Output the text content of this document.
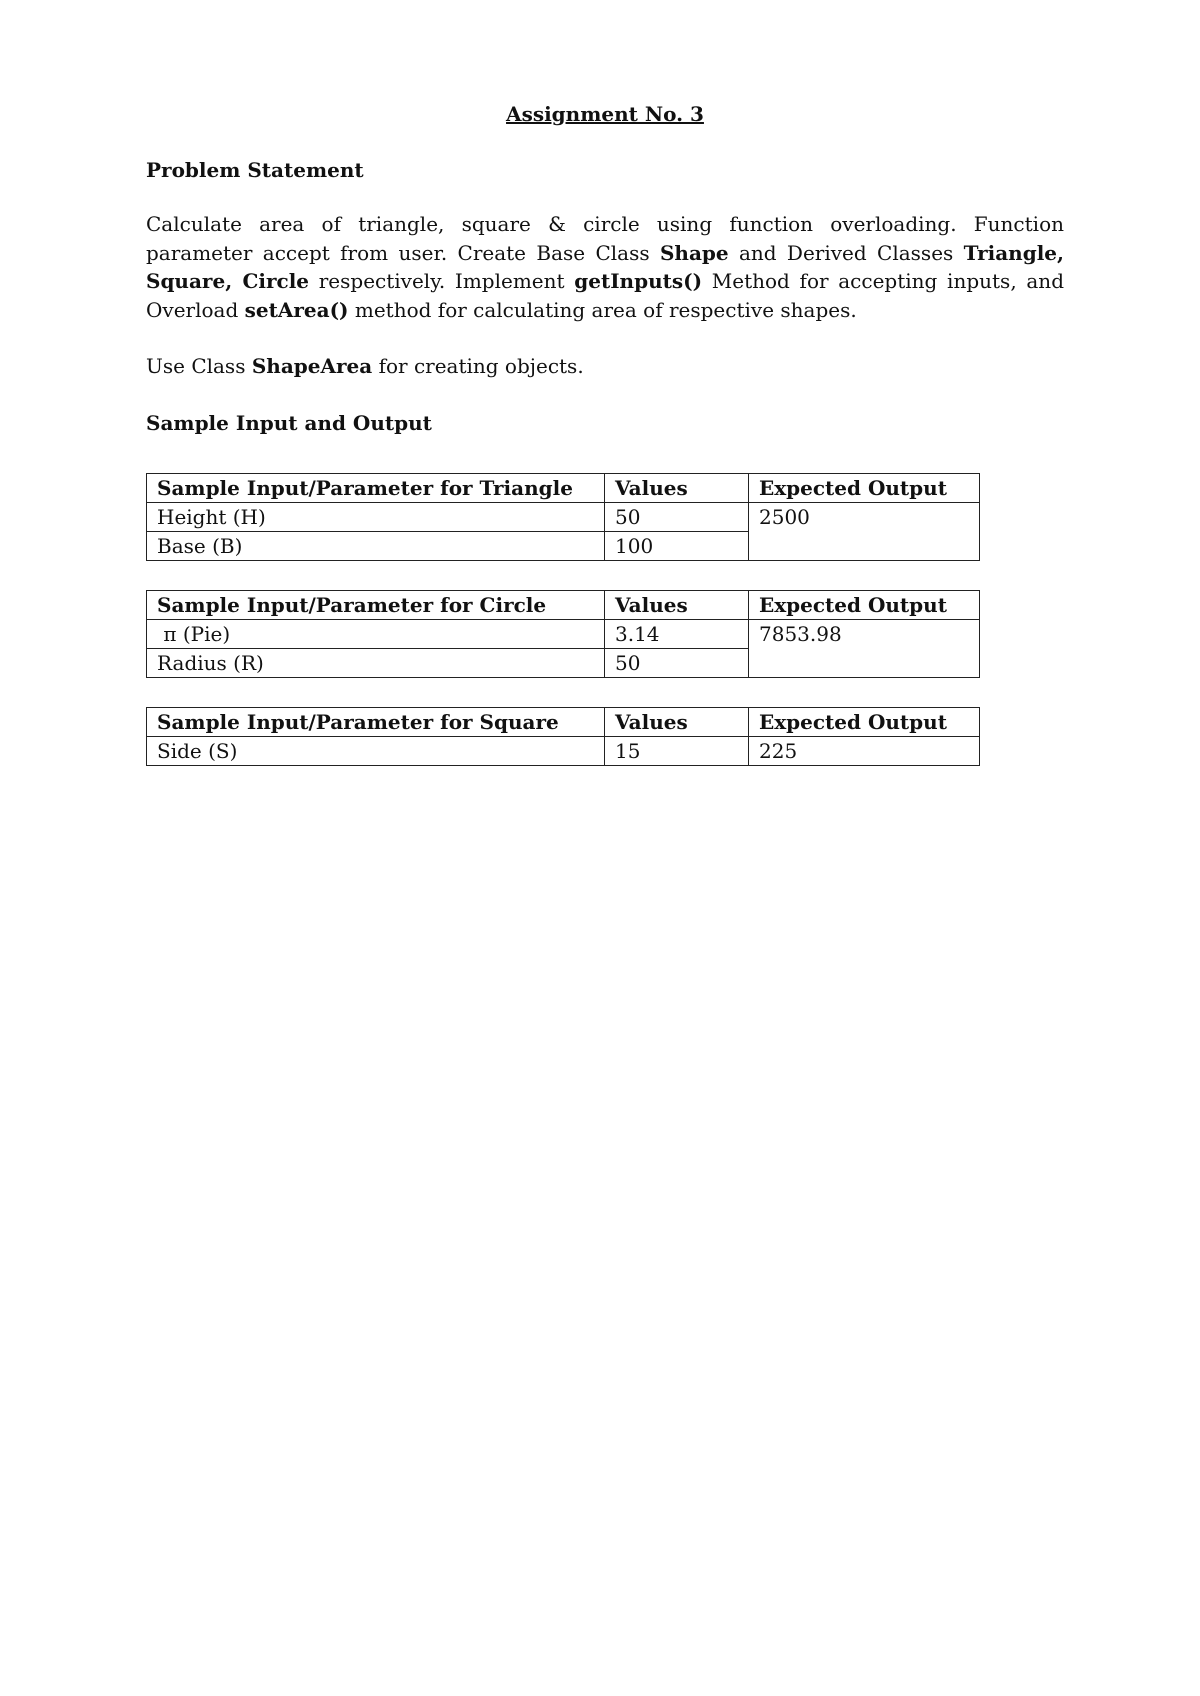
Assignment No. 3
Problem Statement
Calculate area of triangle, square & circle using function overloading. Function parameter accept from user. Create Base Class Shape and Derived Classes Triangle, Square, Circle respectively. Implement getInputs() Method for accepting inputs, and Overload setArea() method for calculating area of respective shapes.
Use Class ShapeArea for creating objects.
Sample Input and Output
Sample Input/Parameter for Triangle	Values	Expected Output
Height (H)	50	2500
Base (B)	100	
Sample Input/Parameter for Circle	Values	Expected Output
π (Pie)	3.14	7853.98
Radius (R)	50	
Sample Input/Parameter for Square	Values	Expected Output
Side (S)	15	225
